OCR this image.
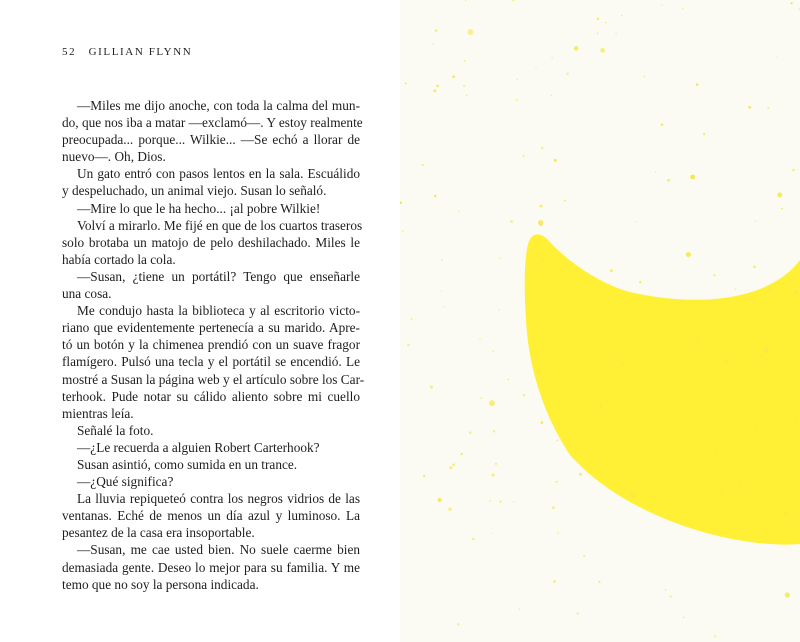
52 GILLIAN FLYNN
—Miles me dijo anoche, con toda la calma del mun-
do, que nos iba a matar —exclamó—. Y estoy realmente
preocupada... porque... Wilkie... —Se echó a llorar de
nuevo—. Oh, Dios.
Un gato entró con pasos lentos en la sala. Escuálido
y despeluchado, un animal viejo. Susan lo señaló.
—Mire lo que le ha hecho... ¡al pobre Wilkie!
Volví a mirarlo. Me fijé en que de los cuartos traseros
solo brotaba un matojo de pelo deshilachado. Miles le
había cortado la cola.
—Susan, ¿tiene un portátil? Tengo que enseñarle
una cosa.
Me condujo hasta la biblioteca y al escritorio victo-
riano que evidentemente pertenecía a su marido. Apre-
tó un botón y la chimenea prendió con un suave fragor
flamígero. Pulsó una tecla y el portátil se encendió. Le
mostré a Susan la página web y el artículo sobre los Car-
terhook. Pude notar su cálido aliento sobre mi cuello
mientras leía.
Señalé la foto.
—¿Le recuerda a alguien Robert Carterhook?
Susan asintió, como sumida en un trance.
—¿Qué significa?
La lluvia repiqueteó contra los negros vidrios de las
ventanas. Eché de menos un día azul y luminoso. La
pesantez de la casa era insoportable.
—Susan, me cae usted bien. No suele caerme bien
demasiada gente. Deseo lo mejor para su familia. Y me
temo que no soy la persona indicada.
